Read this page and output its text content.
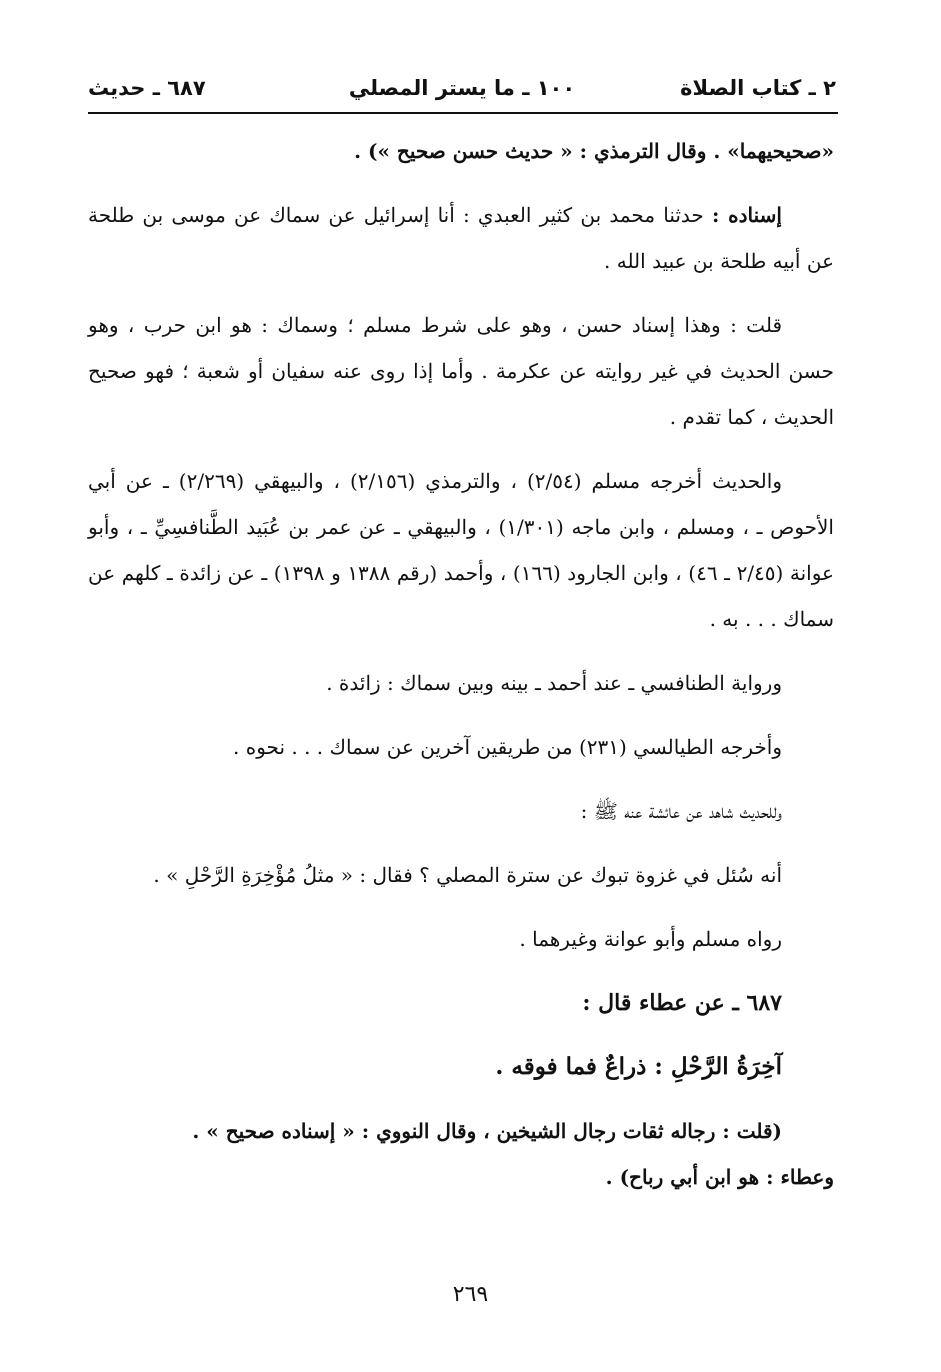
٢ ـ كتاب الصلاة
١٠٠ ـ ما يستر المصلي
٦٨٧ ـ حديث

«صحيحيهما» . وقال الترمذي : « حديث حسن صحيح ») .

إسناده : حدثنا محمد بن كثير العبدي : أنا إسرائيل عن سماك عن موسى بن طلحة عن أبيه طلحة بن عبيد الله .

قلت : وهذا إسناد حسن ، وهو على شرط مسلم ؛ وسماك : هو ابن حرب ، وهو حسن الحديث في غير روايته عن عكرمة . وأما إذا روى عنه سفيان أو شعبة ؛ فهو صحيح الحديث ، كما تقدم .

والحديث أخرجه مسلم (٢/٥٤) ، والترمذي (٢/١٥٦) ، والبيهقي (٢/٢٦٩) ـ عن أبي الأحوص ـ ، ومسلم ، وابن ماجه (١/٣٠١) ، والبيهقي ـ عن عمر بن عُبَيد الطَّنافسِيِّ ـ ، وأبو عوانة (٢/٤٥ ـ ٤٦) ، وابن الجارود (١٦٦) ، وأحمد (رقم ١٣٨٨ و ١٣٩٨) ـ عن زائدة ـ كلهم عن سماك . . . به .

ورواية الطنافسي ـ عند أحمد ـ بينه وبين سماك : زائدة .

وأخرجه الطيالسي (٢٣١) من طريقين آخرين عن سماك . . . نحوه .

وللحديث شاهد عن عائشة عنه ﷺ :

أنه سُئل في غزوة تبوك عن سترة المصلي ؟ فقال : « مثلُ مُؤْخِرَةِ الرَّحْلِ » .

رواه مسلم وأبو عوانة وغيرهما .

٦٨٧ ـ عن عطاء قال :

آخِرَةُ الرَّحْلِ : ذراعٌ فما فوقه .

(قلت : رجاله ثقات رجال الشيخين ، وقال النووي : « إسناده صحيح » .

وعطاء : هو ابن أبي رباح) .

٢٦٩
